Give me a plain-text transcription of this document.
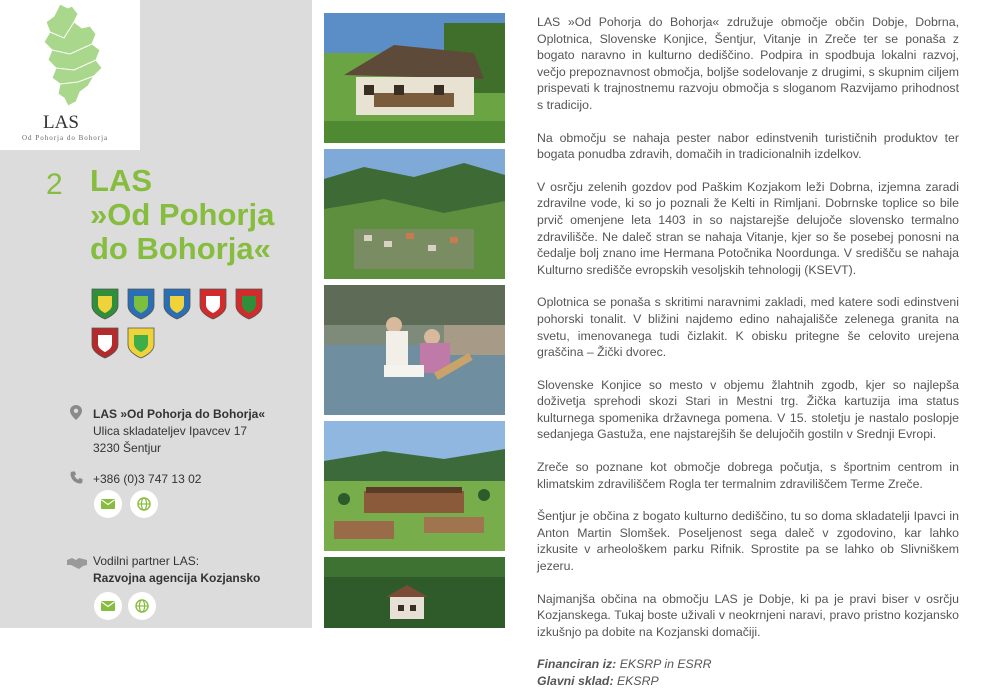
LAS
Od Pohorja do Bohorja
2 LAS
»Od Pohorja
do Bohorja«
LAS »Od Pohorja do Bohorja«
Ulica skladateljev Ipavcev 17
3230 Šentjur
+386 (0)3 747 13 02
Vodilni partner LAS:
Razvojna agencija Kozjansko

LAS »Od Pohorja do Bohorja« združuje območje občin Dobje, Dobrna, Oplotnica, Slovenske Konjice, Šentjur, Vitanje in Zreče ter se ponaša z bogato naravno in kulturno dediščino. Podpira in spodbuja lokalni razvoj, večjo prepoznavnost območja, boljše sodelovanje z drugimi, s skupnim ciljem prispevati k trajnostnemu razvoju območja s sloganom Razvijamo prihodnost s tradicijo.

Na območju se nahaja pester nabor edinstvenih turističnih produktov ter bogata ponudba zdravih, domačih in tradicionalnih izdelkov.

V osrčju zelenih gozdov pod Paškim Kozjakom leži Dobrna, izjemna zaradi zdravilne vode, ki so jo poznali že Kelti in Rimljani. Dobrnske toplice so bile prvič omenjene leta 1403 in so najstarejše delujoče slovensko termalno zdravilišče. Ne daleč stran se nahaja Vitanje, kjer so še posebej ponosni na čedalje bolj znano ime Hermana Potočnika Noordunga. V središču se nahaja Kulturno središče evropskih vesoljskih tehnologij (KSEVT).

Oplotnica se ponaša s skritimi naravnimi zakladi, med katere sodi edinstveni pohorski tonalit. V bližini najdemo edino nahajališče zelenega granita na svetu, imenovanega tudi čizlakit. K obisku pritegne še celovito urejena graščina – Žički dvorec.

Slovenske Konjice so mesto v objemu žlahtnih zgodb, kjer so najlepša doživetja sprehodi skozi Stari in Mestni trg. Žička kartuzija ima status kulturnega spomenika državnega pomena. V 15. stoletju je nastalo poslopje sedanjega Gastuža, ene najstarejših še delujočih gostiln v Srednji Evropi.

Zreče so poznane kot območje dobrega počutja, s športnim centrom in klimatskim zdraviliščem Rogla ter termalnim zdraviliščem Terme Zreče.

Šentjur je občina z bogato kulturno dediščino, tu so doma skladatelji Ipavci in Anton Martin Slomšek. Poseljenost sega daleč v zgodovino, kar lahko izkusite v arheološkem parku Rifnik. Sprostite pa se lahko ob Slivniškem jezeru.

Najmanjša občina na območju LAS je Dobje, ki pa je pravi biser v osrčju Kozjanskega. Tukaj boste uživali v neokrnjeni naravi, pravo pristno kozjansko izkušnjo pa dobite na Kozjanski domačiji.

Financiran iz: EKSRP in ESRR
Glavni sklad: EKSRP
